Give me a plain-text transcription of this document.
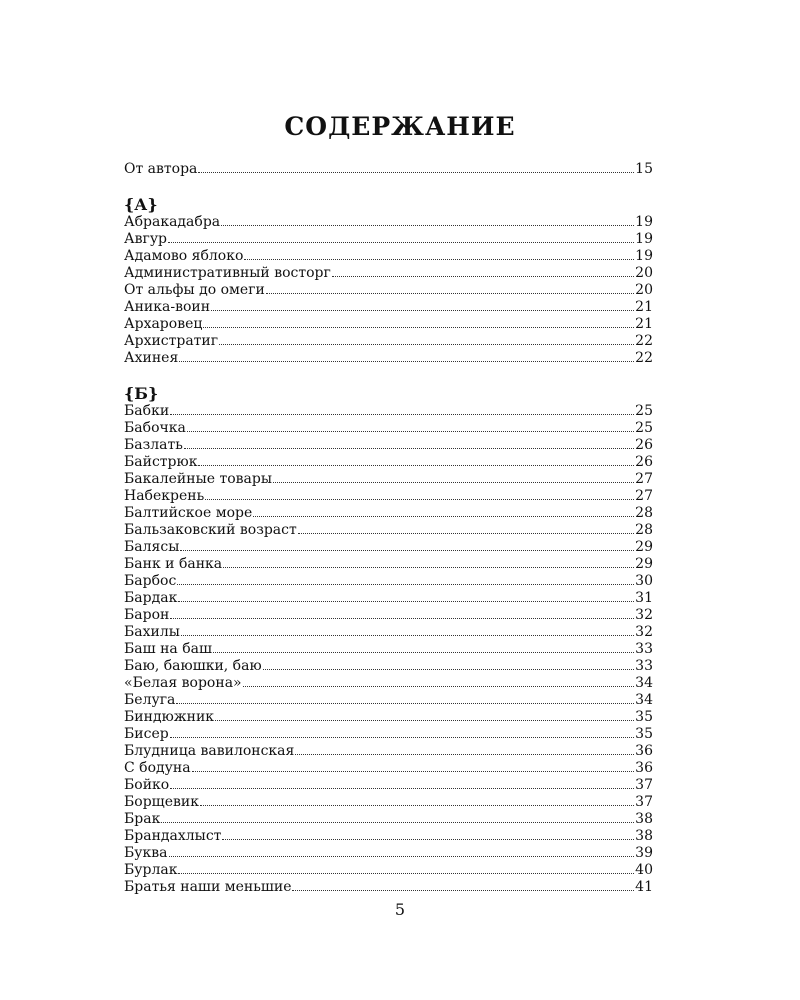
СОДЕРЖАНИЕ
От автора	15
{А}
Абракадабра	19
Авгур	19
Адамово яблоко	19
Административный восторг	20
От альфы до омеги	20
Аника-воин	21
Архаровец	21
Архистратиг	22
Ахинея	22
{Б}
Бабки	25
Бабочка	25
Базлать	26
Байстрюк	26
Бакалейные товары	27
Набекрень	27
Балтийское море	28
Бальзаковский возраст	28
Балясы	29
Банк и банка	29
Барбос	30
Бардак	31
Барон	32
Бахилы	32
Баш на баш	33
Баю, баюшки, баю	33
«Белая ворона»	34
Белуга	34
Биндюжник	35
Бисер	35
Блудница вавилонская	36
С бодуна	36
Бойко	37
Борщевик	37
Брак	38
Брандахлыст	38
Буква	39
Бурлак	40
Братья наши меньшие	41
5
